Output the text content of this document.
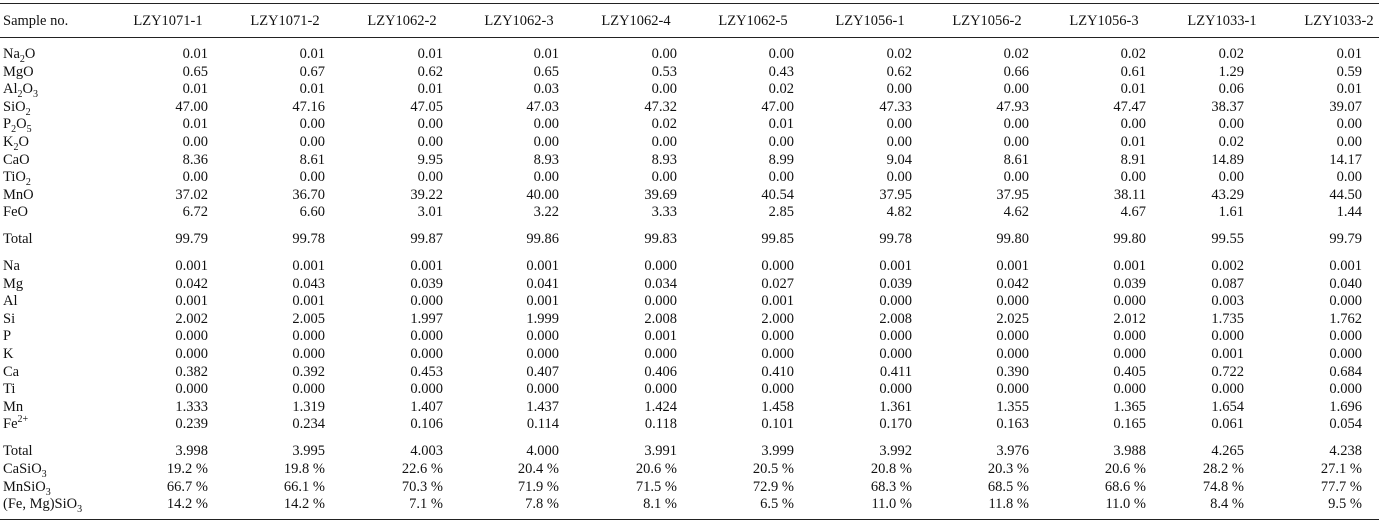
Sample no.	LZY1071-1	LZY1071-2	LZY1062-2	LZY1062-3	LZY1062-4	LZY1062-5	LZY1056-1	LZY1056-2	LZY1056-3	LZY1033-1	LZY1033-2
$Na_2O$	0.01	0.01	0.01	0.01	0.00	0.00	0.02	0.02	0.02	0.02	0.01
MgO	0.65	0.67	0.62	0.65	0.53	0.43	0.62	0.66	0.61	1.29	0.59
$Al_2O_3$	0.01	0.01	0.01	0.03	0.00	0.02	0.00	0.00	0.01	0.06	0.01
SiO$_2$	47.00	47.16	47.05	47.03	47.32	47.00	47.33	47.93	47.47	38.37	39.07
$P_2O_5$	0.01	0.00	0.00	0.00	0.02	0.01	0.00	0.00	0.00	0.00	0.00
$K_2O$	0.00	0.00	0.00	0.00	0.00	0.00	0.00	0.00	0.01	0.02	0.00
CaO	8.36	8.61	9.95	8.93	8.93	8.99	9.04	8.61	8.91	14.89	14.17
TiO$_2$	0.00	0.00	0.00	0.00	0.00	0.00	0.00	0.00	0.00	0.00	0.00
MnO	37.02	36.70	39.22	40.00	39.69	40.54	37.95	37.95	38.11	43.29	44.50
FeO	6.72	6.60	3.01	3.22	3.33	2.85	4.82	4.62	4.67	1.61	1.44
Total	99.79	99.78	99.87	99.86	99.83	99.85	99.78	99.80	99.80	99.55	99.79
Na	0.001	0.001	0.001	0.001	0.000	0.000	0.001	0.001	0.001	0.002	0.001
Mg	0.042	0.043	0.039	0.041	0.034	0.027	0.039	0.042	0.039	0.087	0.040
Al	0.001	0.001	0.000	0.001	0.000	0.001	0.000	0.000	0.000	0.003	0.000
Si	2.002	2.005	1.997	1.999	2.008	2.000	2.008	2.025	2.012	1.735	1.762
P	0.000	0.000	0.000	0.000	0.001	0.000	0.000	0.000	0.000	0.000	0.000
K	0.000	0.000	0.000	0.000	0.000	0.000	0.000	0.000	0.000	0.001	0.000
Ca	0.382	0.392	0.453	0.407	0.406	0.410	0.411	0.390	0.405	0.722	0.684
Ti	0.000	0.000	0.000	0.000	0.000	0.000	0.000	0.000	0.000	0.000	0.000
Mn	1.333	1.319	1.407	1.437	1.424	1.458	1.361	1.355	1.365	1.654	1.696
$Fe^{2+}$	0.239	0.234	0.106	0.114	0.118	0.101	0.170	0.163	0.165	0.061	0.054
Total	3.998	3.995	4.003	4.000	3.991	3.999	3.992	3.976	3.988	4.265	4.238
CaSiO$_3$	19.2 %	19.8 %	22.6 %	20.4 %	20.6 %	20.5 %	20.8 %	20.3 %	20.6 %	28.2 %	27.1 %
MnSiO$_3$	66.7 %	66.1 %	70.3 %	71.9 %	71.5 %	72.9 %	68.3 %	68.5 %	68.6 %	74.8 %	77.7 %
(Fe, Mg)SiO$_3$	14.2 %	14.2 %	7.1 %	7.8 %	8.1 %	6.5 %	11.0 %	11.8 %	11.0 %	8.4 %	9.5 %
